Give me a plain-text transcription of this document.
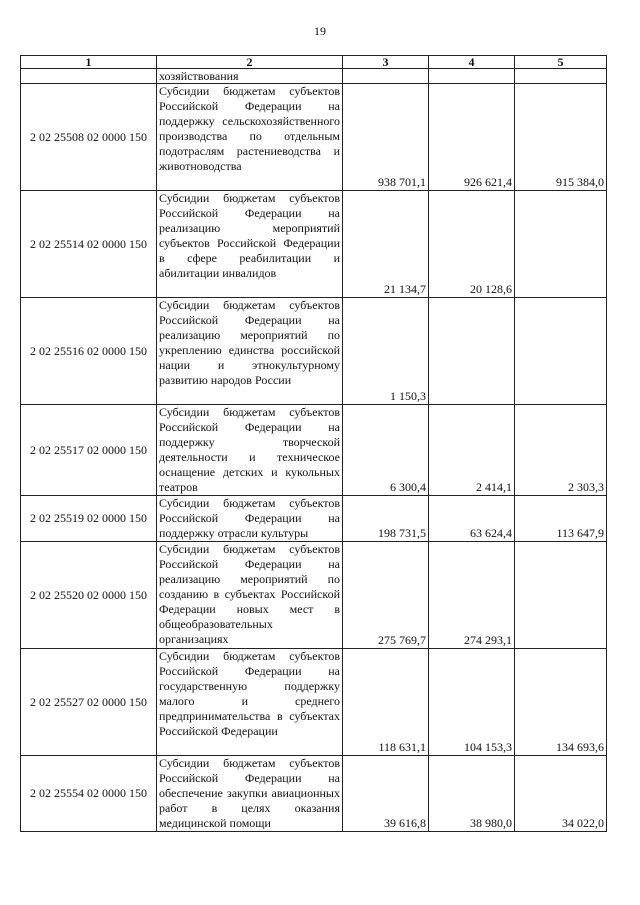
19
1	2	3	4	5
	хозяйствования			
2 02 25508 02 0000 150	Субсидии бюджетам субъектов Российской Федерации на поддержку сельскохозяйственного производства по отдельным подотраслям растениеводства и животноводства	938 701,1	926 621,4	915 384,0
2 02 25514 02 0000 150	Субсидии бюджетам субъектов Российской Федерации на реализацию мероприятий субъектов Российской Федерации в сфере реабилитации и абилитации инвалидов	21 134,7	20 128,6	
2 02 25516 02 0000 150	Субсидии бюджетам субъектов Российской Федерации на реализацию мероприятий по укреплению единства российской нации и этнокультурному развитию народов России	1 150,3		
2 02 25517 02 0000 150	Субсидии бюджетам субъектов Российской Федерации на поддержку творческой деятельности и техническое оснащение детских и кукольных театров	6 300,4	2 414,1	2 303,3
2 02 25519 02 0000 150	Субсидии бюджетам субъектов Российской Федерации на поддержку отрасли культуры	198 731,5	63 624,4	113 647,9
2 02 25520 02 0000 150	Субсидии бюджетам субъектов Российской Федерации на реализацию мероприятий по созданию в субъектах Российской Федерации новых мест в общеобразовательных организациях	275 769,7	274 293,1	
2 02 25527 02 0000 150	Субсидии бюджетам субъектов Российской Федерации на государственную поддержку малого и среднего предпринимательства в субъектах Российской Федерации	118 631,1	104 153,3	134 693,6
2 02 25554 02 0000 150	Субсидии бюджетам субъектов Российской Федерации на обеспечение закупки авиационных работ в целях оказания медицинской помощи	39 616,8	38 980,0	34 022,0
